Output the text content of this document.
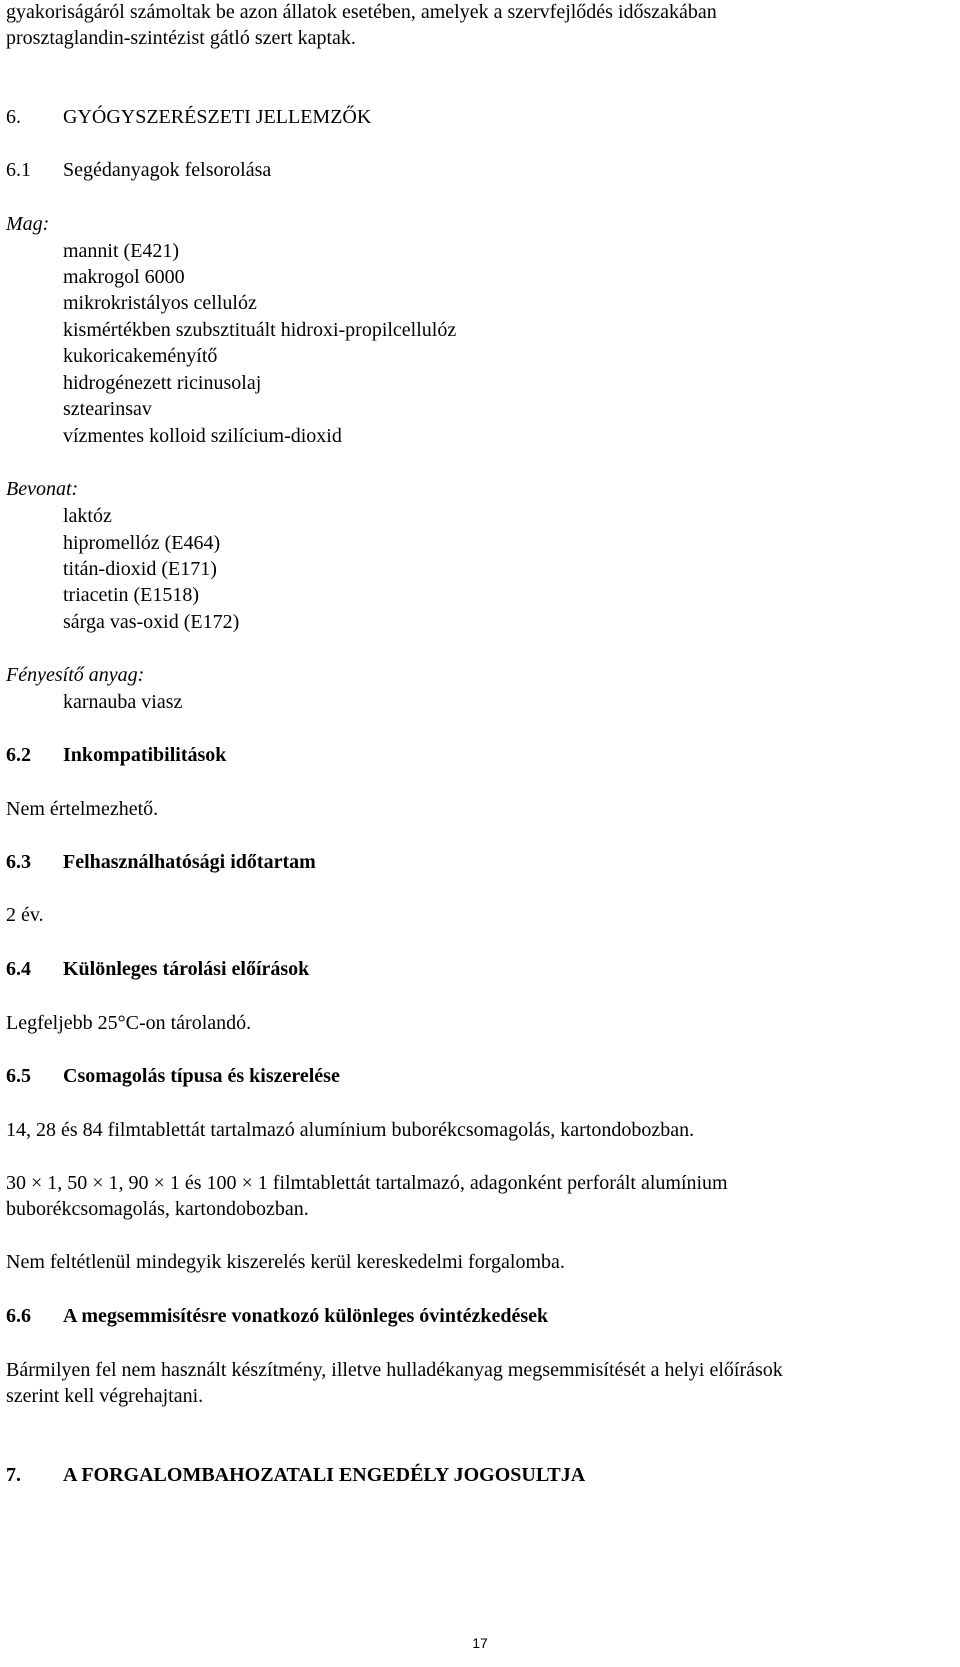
gyakoriságáról számoltak be azon állatok esetében, amelyek a szervfejlődés időszakában
prosztaglandin-szintézist gátló szert kaptak.
6. GYÓGYSZERÉSZETI JELLEMZŐK
6.1 Segédanyagok felsorolása
Mag:
mannit (E421)
makrogol 6000
mikrokristályos cellulóz
kismértékben szubsztituált hidroxi-propilcellulóz
kukoricakeményítő
hidrogénezett ricinusolaj
sztearinsav
vízmentes kolloid szilícium-dioxid
Bevonat:
laktóz
hipromellóz (E464)
titán-dioxid (E171)
triacetin (E1518)
sárga vas-oxid (E172)
Fényesítő anyag:
karnauba viasz
6.2 Inkompatibilitások
Nem értelmezhető.
6.3 Felhasználhatósági időtartam
2 év.
6.4 Különleges tárolási előírások
Legfeljebb 25°C-on tárolandó.
6.5 Csomagolás típusa és kiszerelése
14, 28 és 84 filmtablettát tartalmazó alumínium buborékcsomagolás, kartondobozban.
30 × 1, 50 × 1, 90 × 1 és 100 × 1 filmtablettát tartalmazó, adagonként perforált alumínium
buborékcsomagolás, kartondobozban.
Nem feltétlenül mindegyik kiszerelés kerül kereskedelmi forgalomba.
6.6 A megsemmisítésre vonatkozó különleges óvintézkedések
Bármilyen fel nem használt készítmény, illetve hulladékanyag megsemmisítését a helyi előírások
szerint kell végrehajtani.
7. A FORGALOMBAHOZATALI ENGEDÉLY JOGOSULTJA
17
